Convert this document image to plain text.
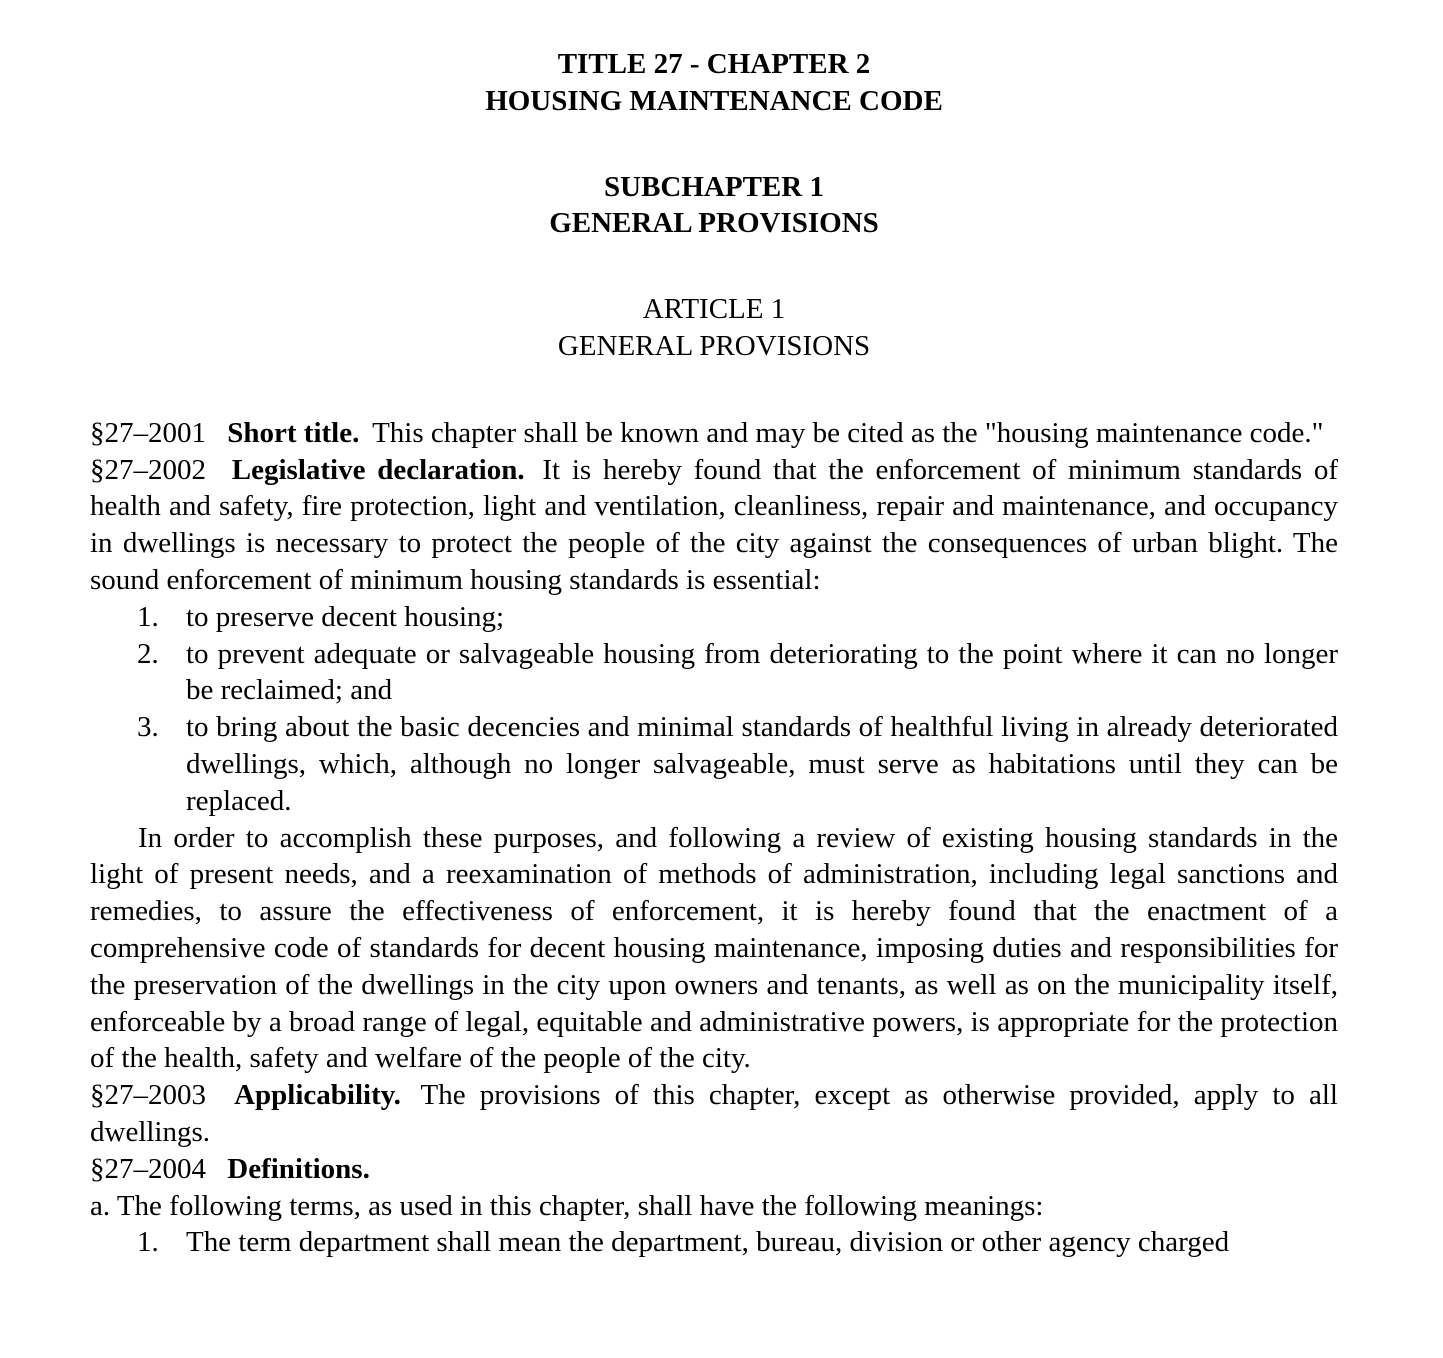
TITLE 27 - CHAPTER 2
HOUSING MAINTENANCE CODE
SUBCHAPTER 1
GENERAL PROVISIONS
ARTICLE 1
GENERAL PROVISIONS

§27–2001 Short title. This chapter shall be known and may be cited as the "housing maintenance code."

§27–2002 Legislative declaration. It is hereby found that the enforcement of minimum standards of health and safety, fire protection, light and ventilation, cleanliness, repair and maintenance, and occupancy in dwellings is necessary to protect the people of the city against the consequences of urban blight. The sound enforcement of minimum housing standards is essential:

1. to preserve decent housing;
2. to prevent adequate or salvageable housing from deteriorating to the point where it can no longer be reclaimed; and
3. to bring about the basic decencies and minimal standards of healthful living in already deteriorated dwellings, which, although no longer salvageable, must serve as habitations until they can be replaced.

In order to accomplish these purposes, and following a review of existing housing standards in the light of present needs, and a reexamination of methods of administration, including legal sanctions and remedies, to assure the effectiveness of enforcement, it is hereby found that the enactment of a comprehensive code of standards for decent housing maintenance, imposing duties and responsibilities for the preservation of the dwellings in the city upon owners and tenants, as well as on the municipality itself, enforceable by a broad range of legal, equitable and administrative powers, is appropriate for the protection of the health, safety and welfare of the people of the city.

§27–2003 Applicability. The provisions of this chapter, except as otherwise provided, apply to all dwellings.

§27–2004 Definitions.

a. The following terms, as used in this chapter, shall have the following meanings:

1. The term department shall mean the department, bureau, division or other agency charged
